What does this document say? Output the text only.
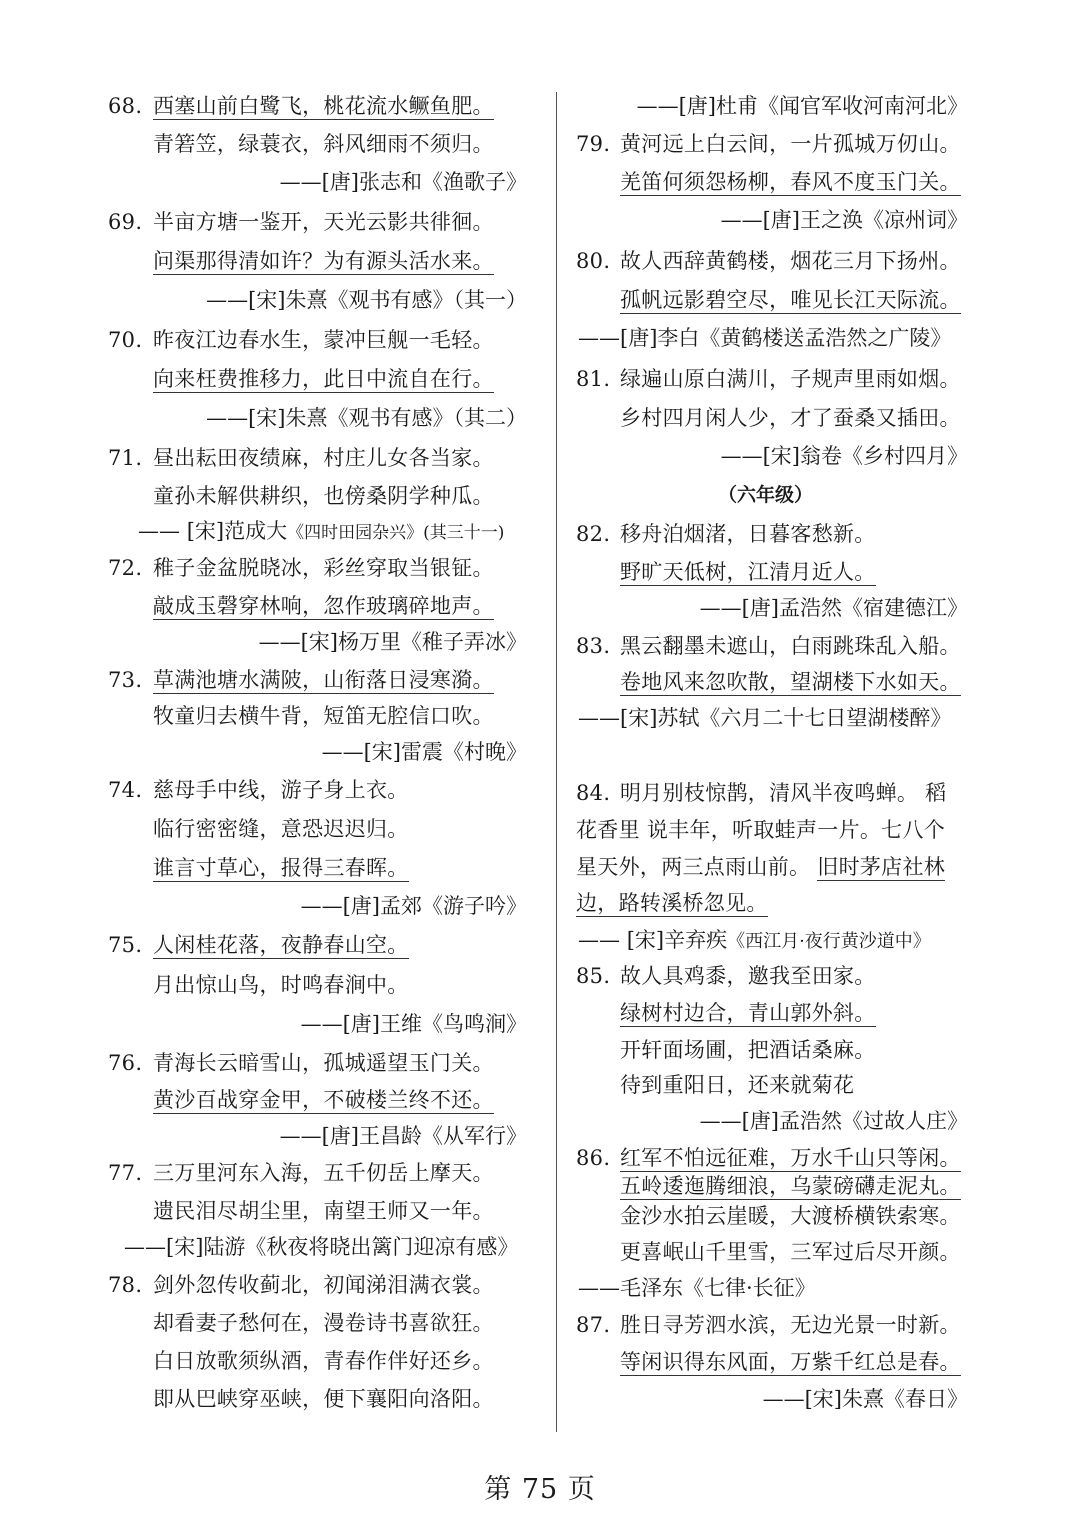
68. 西塞山前白鹭飞，桃花流水鳜鱼肥。
青箬笠，绿蓑衣，斜风细雨不须归。
——[唐]张志和《渔歌子》
69. 半亩方塘一鉴开，天光云影共徘徊。
问渠那得清如许？为有源头活水来。
——[宋]朱熹《观书有感》（其一）
70. 昨夜江边春水生，蒙冲巨舰一毛轻。
向来枉费推移力，此日中流自在行。
——[宋]朱熹《观书有感》（其二）
71. 昼出耘田夜绩麻，村庄儿女各当家。
童孙未解供耕织，也傍桑阴学种瓜。
—— [宋]范成大《四时田园杂兴》(其三十一)
72. 稚子金盆脱晓冰，彩丝穿取当银钲。
敲成玉磬穿林响，忽作玻璃碎地声。
——[宋]杨万里《稚子弄冰》
73. 草满池塘水满陂，山衔落日浸寒漪。
牧童归去横牛背，短笛无腔信口吹。
——[宋]雷震《村晚》
74. 慈母手中线，游子身上衣。
临行密密缝，意恐迟迟归。
谁言寸草心，报得三春晖。
——[唐]孟郊《游子吟》
75. 人闲桂花落，夜静春山空。
月出惊山鸟，时鸣春涧中。
——[唐]王维《鸟鸣涧》
76. 青海长云暗雪山，孤城遥望玉门关。
黄沙百战穿金甲，不破楼兰终不还。
——[唐]王昌龄《从军行》
77. 三万里河东入海，五千仞岳上摩天。
遗民泪尽胡尘里，南望王师又一年。
——[宋]陆游《秋夜将晓出篱门迎凉有感》
78. 剑外忽传收蓟北，初闻涕泪满衣裳。
却看妻子愁何在，漫卷诗书喜欲狂。
白日放歌须纵酒，青春作伴好还乡。
即从巴峡穿巫峡，便下襄阳向洛阳。
——[唐]杜甫《闻官军收河南河北》
79. 黄河远上白云间，一片孤城万仞山。
羌笛何须怨杨柳，春风不度玉门关。
——[唐]王之涣《凉州词》
80. 故人西辞黄鹤楼，烟花三月下扬州。
孤帆远影碧空尽，唯见长江天际流。
——[唐]李白《黄鹤楼送孟浩然之广陵》
81. 绿遍山原白满川，子规声里雨如烟。
乡村四月闲人少，才了蚕桑又插田。
——[宋]翁卷《乡村四月》
（六年级）
82. 移舟泊烟渚，日暮客愁新。
野旷天低树，江清月近人。
——[唐]孟浩然《宿建德江》
83. 黑云翻墨未遮山，白雨跳珠乱入船。
卷地风来忽吹散，望湖楼下水如天。
——[宋]苏轼《六月二十七日望湖楼醉》
84. 明月别枝惊鹊，清风半夜鸣蝉。 稻
花香里 说丰年，听取蛙声一片。七八个
星天外，两三点雨山前。 旧时茅店社林
边，路转溪桥忽见。
—— [宋]辛弃疾《西江月·夜行黄沙道中》
85. 故人具鸡黍，邀我至田家。
绿树村边合，青山郭外斜。
开轩面场圃，把酒话桑麻。
待到重阳日，还来就菊花
——[唐]孟浩然《过故人庄》
86. 红军不怕远征难，万水千山只等闲。
五岭逶迤腾细浪，乌蒙磅礴走泥丸。
金沙水拍云崖暖，大渡桥横铁索寒。
更喜岷山千里雪，三军过后尽开颜。
——毛泽东《七律·长征》
87. 胜日寻芳泗水滨，无边光景一时新。
等闲识得东风面，万紫千红总是春。
——[宋]朱熹《春日》
第 75 页
